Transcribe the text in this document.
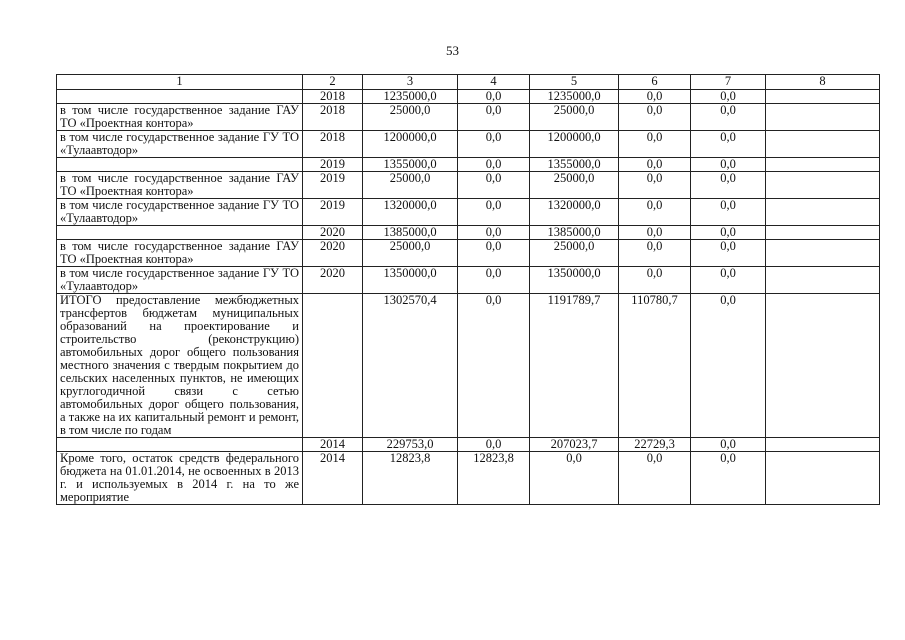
53
1	2	3	4	5	6	7	8
	2018	1235000,0	0,0	1235000,0	0,0	0,0	
в том числе государственное задание ГАУ ТО «Проектная контора»	2018	25000,0	0,0	25000,0	0,0	0,0	
в том числе государственное задание ГУ ТО «Тулаавтодор»	2018	1200000,0	0,0	1200000,0	0,0	0,0	
	2019	1355000,0	0,0	1355000,0	0,0	0,0	
в том числе государственное задание ГАУ ТО «Проектная контора»	2019	25000,0	0,0	25000,0	0,0	0,0	
в том числе государственное задание ГУ ТО «Тулаавтодор»	2019	1320000,0	0,0	1320000,0	0,0	0,0	
	2020	1385000,0	0,0	1385000,0	0,0	0,0	
в том числе государственное задание ГАУ ТО «Проектная контора»	2020	25000,0	0,0	25000,0	0,0	0,0	
в том числе государственное задание ГУ ТО «Тулаавтодор»	2020	1350000,0	0,0	1350000,0	0,0	0,0	
ИТОГО предоставление межбюджетных трансфертов бюджетам муниципальных образований на проектирование и строительство (реконструкцию) автомобильных дорог общего пользования местного значения с твердым покрытием до сельских населенных пунктов, не имеющих круглогодичной связи с сетью автомобильных дорог общего пользования, а также на их капитальный ремонт и ремонт, в том числе по годам		1302570,4	0,0	1191789,7	110780,7	0,0	
	2014	229753,0	0,0	207023,7	22729,3	0,0	
Кроме того, остаток средств федерального бюджета на 01.01.2014, не освоенных в 2013 г. и используемых в 2014 г. на то же мероприятие	2014	12823,8	12823,8	0,0	0,0	0,0	
